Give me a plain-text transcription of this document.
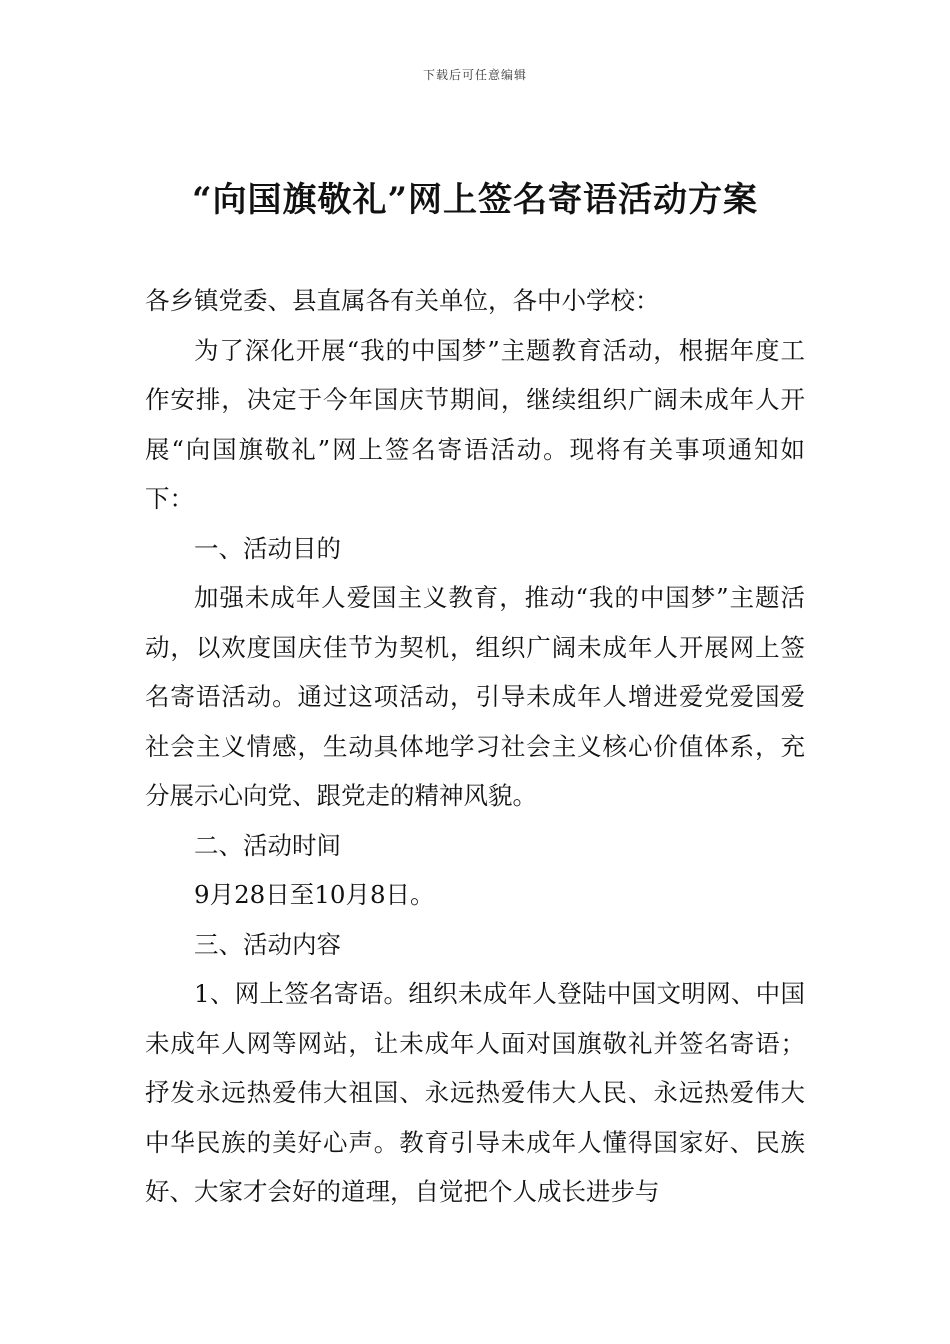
下载后可任意编辑
“向国旗敬礼”网上签名寄语活动方案

各乡镇党委、县直属各有关单位，各中小学校：

为了深化开展“我的中国梦”主题教育活动，根据年度工作安排，决定于今年国庆节期间，继续组织广阔未成年人开展“向国旗敬礼”网上签名寄语活动。现将有关事项通知如下：

一、活动目的

加强未成年人爱国主义教育，推动“我的中国梦”主题活动，以欢度国庆佳节为契机，组织广阔未成年人开展网上签名寄语活动。通过这项活动，引导未成年人增进爱党爱国爱社会主义情感，生动具体地学习社会主义核心价值体系，充分展示心向党、跟党走的精神风貌。

二、活动时间

9月28日至10月8日。

三、活动内容

1、网上签名寄语。组织未成年人登陆中国文明网、中国未成年人网等网站，让未成年人面对国旗敬礼并签名寄语；抒发永远热爱伟大祖国、永远热爱伟大人民、永远热爱伟大中华民族的美好心声。教育引导未成年人懂得国家好、民族好、大家才会好的道理，自觉把个人成长进步与
